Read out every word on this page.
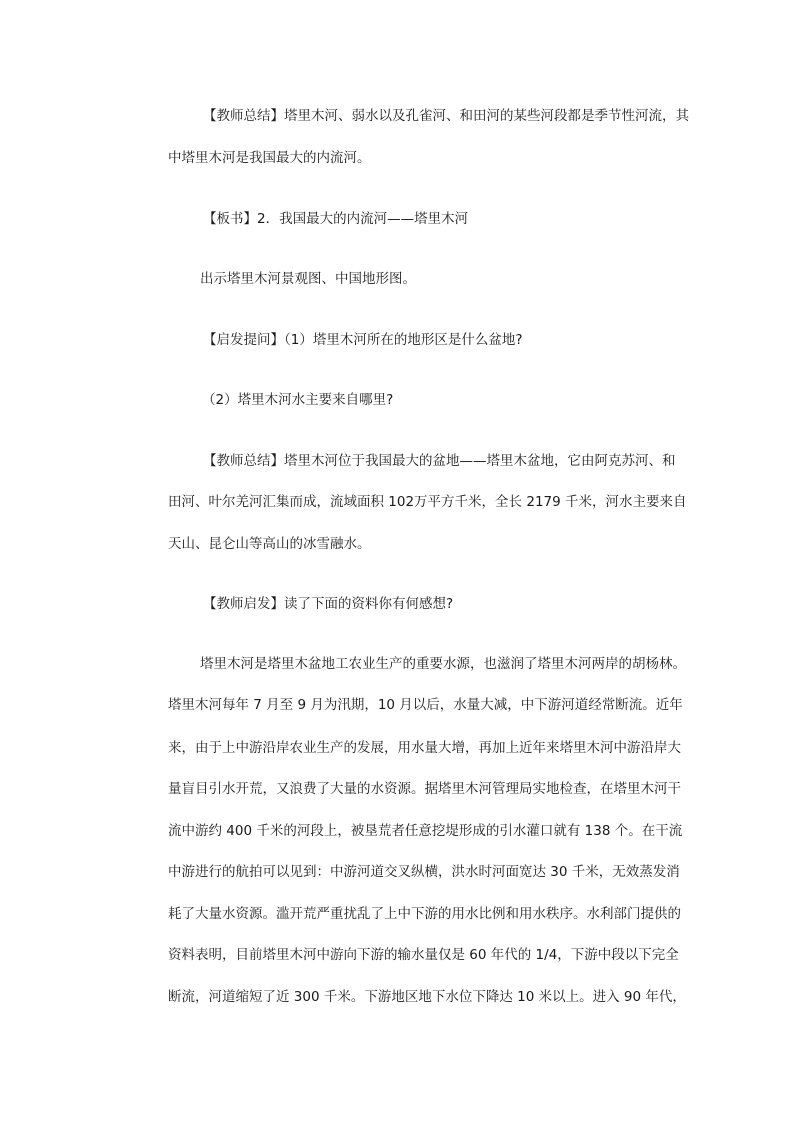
【教师总结】塔里木河、弱水以及孔雀河、和田河的某些河段都是季节性河流，其
中塔里木河是我国最大的内流河。
【板书】2．我国最大的内流河——塔里木河
出示塔里木河景观图、中国地形图。
【启发提问】（1）塔里木河所在的地形区是什么盆地?
（2）塔里木河水主要来自哪里?
【教师总结】塔里木河位于我国最大的盆地——塔里木盆地，它由阿克苏河、和
田河、叶尔羌河汇集而成，流域面积 102万平方千米，全长 2179 千米，河水主要来自
天山、昆仑山等高山的冰雪融水。
【教师启发】读了下面的资料你有何感想?
塔里木河是塔里木盆地工农业生产的重要水源，也滋润了塔里木河两岸的胡杨林。
塔里木河每年 7 月至 9 月为汛期，10 月以后，水量大减，中下游河道经常断流。近年
来，由于上中游沿岸农业生产的发展，用水量大增，再加上近年来塔里木河中游沿岸大
量盲目引水开荒，又浪费了大量的水资源。据塔里木河管理局实地检查，在塔里木河干
流中游约 400 千米的河段上，被垦荒者任意挖堤形成的引水灌口就有 138 个。在干流
中游进行的航拍可以见到：中游河道交叉纵横，洪水时河面宽达 30 千米，无效蒸发消
耗了大量水资源。滥开荒严重扰乱了上中下游的用水比例和用水秩序。水利部门提供的
资料表明，目前塔里木河中游向下游的输水量仅是 60 年代的 1/4，下游中段以下完全
断流，河道缩短了近 300 千米。下游地区地下水位下降达 10 米以上。进入 90 年代，
